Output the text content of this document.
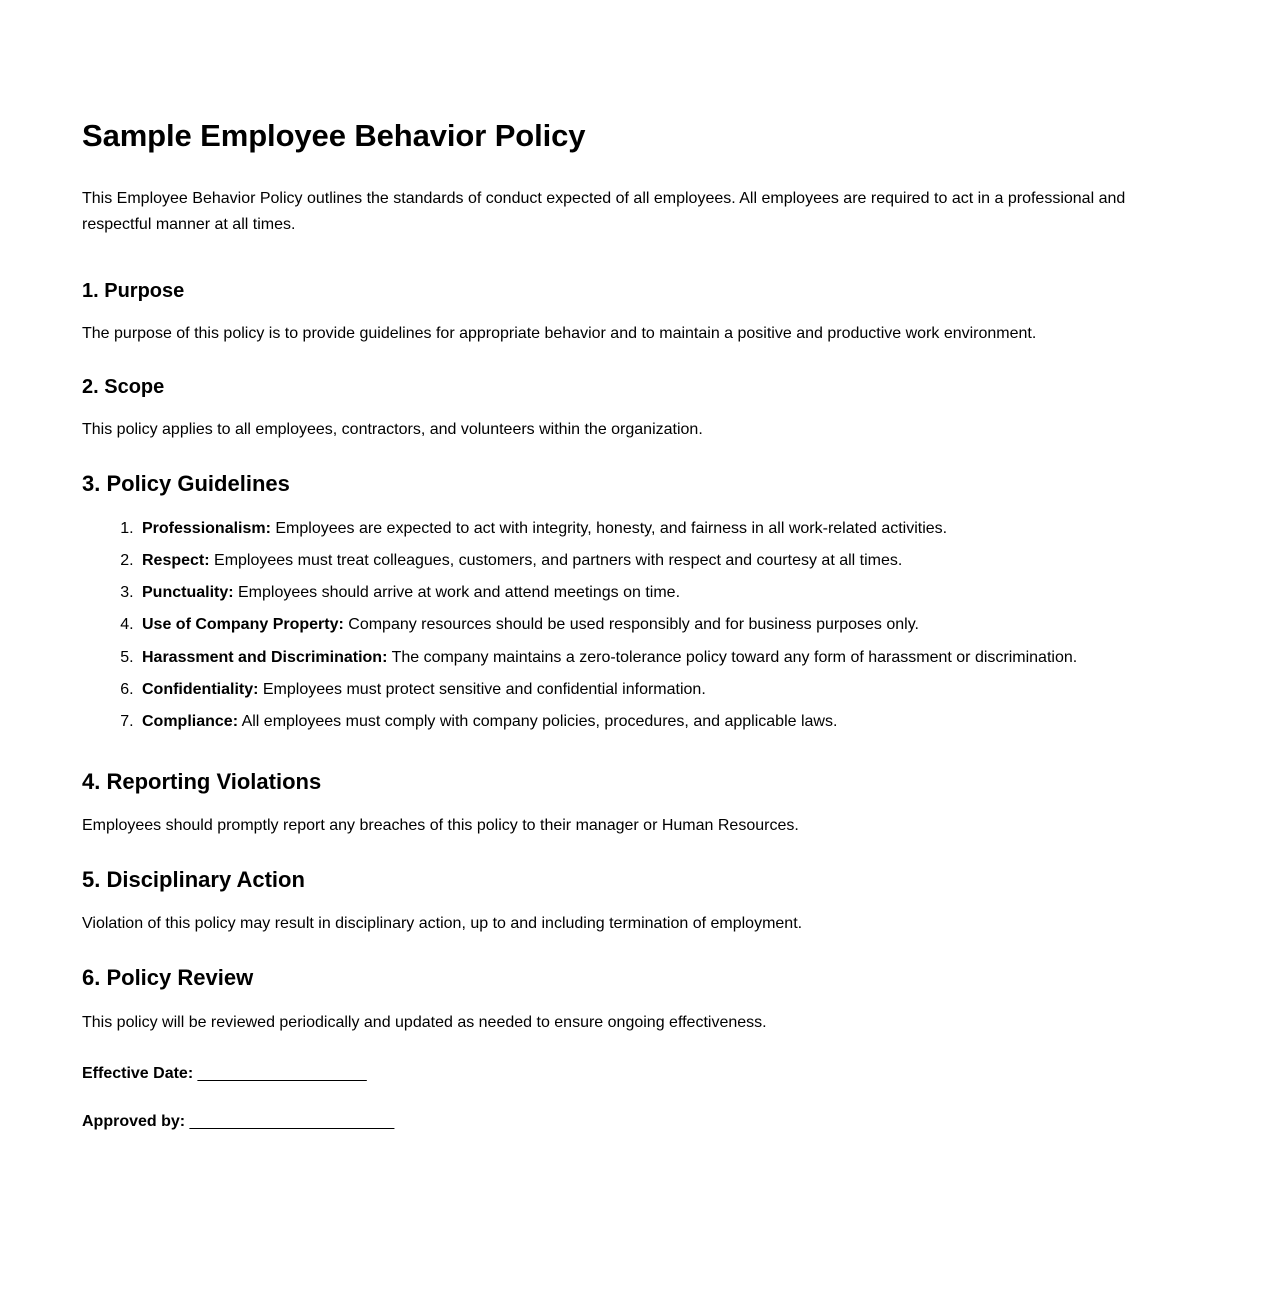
Sample Employee Behavior Policy

This Employee Behavior Policy outlines the standards of conduct expected of all employees. All employees are required to act in a professional and respectful manner at all times.

1. Purpose

The purpose of this policy is to provide guidelines for appropriate behavior and to maintain a positive and productive work environment.

2. Scope

This policy applies to all employees, contractors, and volunteers within the organization.

3. Policy Guidelines
1. Professionalism: Employees are expected to act with integrity, honesty, and fairness in all work-related activities.
2. Respect: Employees must treat colleagues, customers, and partners with respect and courtesy at all times.
3. Punctuality: Employees should arrive at work and attend meetings on time.
4. Use of Company Property: Company resources should be used responsibly and for business purposes only.
5. Harassment and Discrimination: The company maintains a zero-tolerance policy toward any form of harassment or discrimination.
6. Confidentiality: Employees must protect sensitive and confidential information.
7. Compliance: All employees must comply with company policies, procedures, and applicable laws.
4. Reporting Violations

Employees should promptly report any breaches of this policy to their manager or Human Resources.

5. Disciplinary Action

Violation of this policy may result in disciplinary action, up to and including termination of employment.

6. Policy Review

This policy will be reviewed periodically and updated as needed to ensure ongoing effectiveness.

Effective Date: ___________________
Approved by: _______________________
